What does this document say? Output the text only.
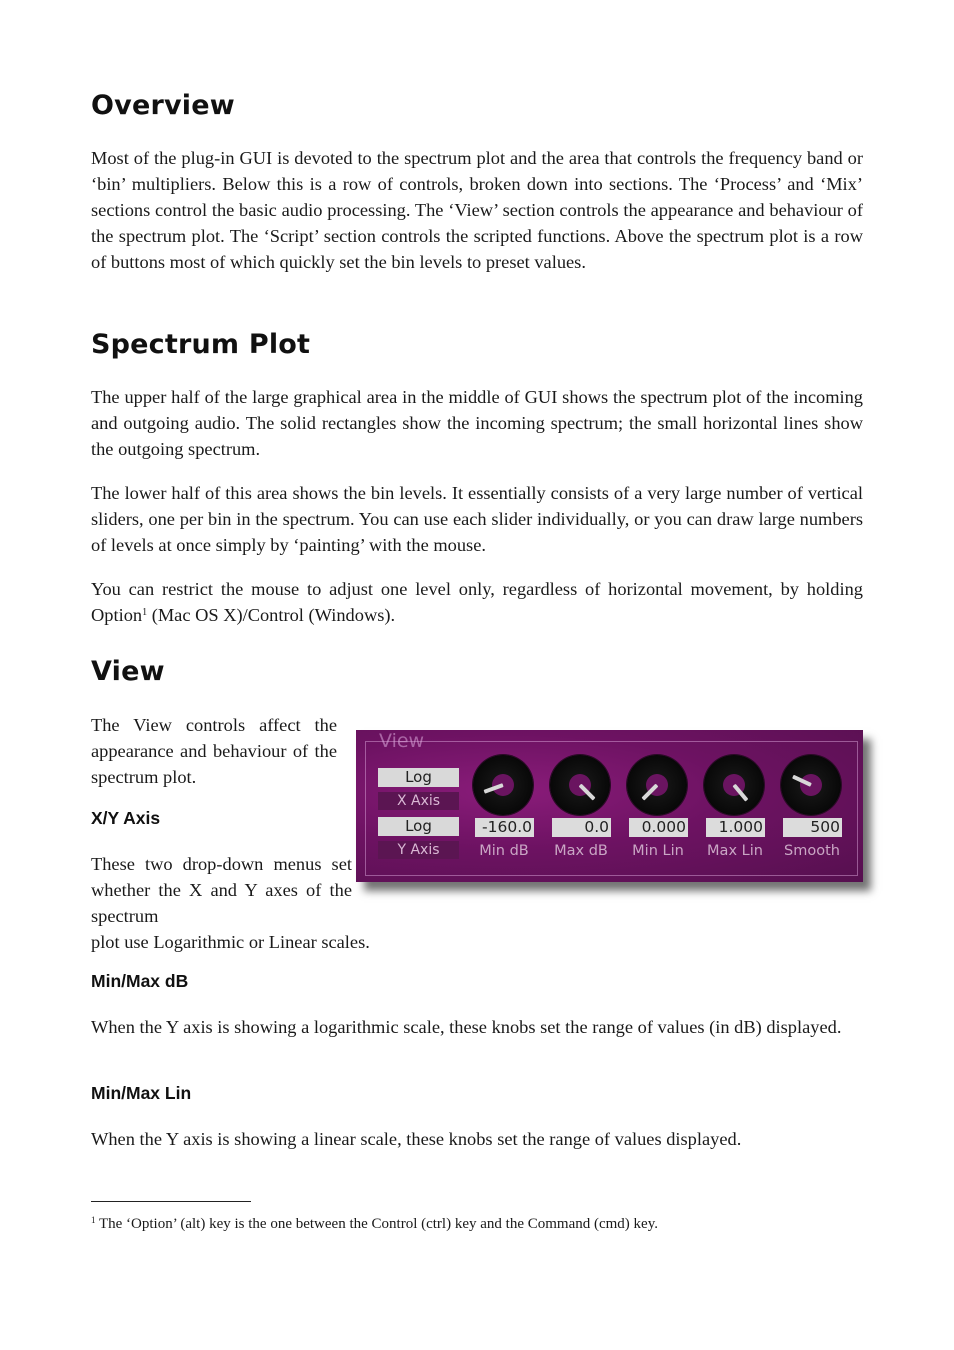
Overview

Most of the plug-in GUI is devoted to the spectrum plot and the area that controls the frequency band or ‘bin’ multipliers. Below this is a row of controls, broken down into sections. The ‘Process’ and ‘Mix’ sections control the basic audio processing. The ‘View’ section controls the appearance and behaviour of the spectrum plot. The ‘Script’ section controls the scripted functions. Above the spectrum plot is a row of buttons most of which quickly set the bin levels to preset values.

Spectrum Plot

The upper half of the large graphical area in the middle of GUI shows the spectrum plot of the incoming and outgoing audio. The solid rectangles show the incoming spectrum; the small horizontal lines show the outgoing spectrum.

The lower half of this area shows the bin levels. It essentially consists of a very large number of vertical sliders, one per bin in the spectrum. You can use each slider individually, or you can draw large numbers of levels at once simply by ‘painting’ with the mouse.

You can restrict the mouse to adjust one level only, regardless of horizontal movement, by holding Option$^1$ (Mac OS X)/Control (Windows).

View

The View controls affect the appearance and behaviour of the spectrum plot.

X/Y Axis

These two drop-down menus set whether the X and Y axes of the spectrum

plot use Logarithmic or Linear scales.

Min/Max dB

When the Y axis is showing a logarithmic scale, these knobs set the range of values (in dB) displayed.

Min/Max Lin

When the Y axis is showing a linear scale, these knobs set the range of values displayed.

$^1$ The ‘Option’ (alt) key is the one between the Control (ctrl) key and the Command (cmd) key.
View
Log
X Axis
Log
Y Axis
-160.0	0.0	0.000	1.000	500
Min dB	Max dB	Min Lin	Max Lin	Smooth
